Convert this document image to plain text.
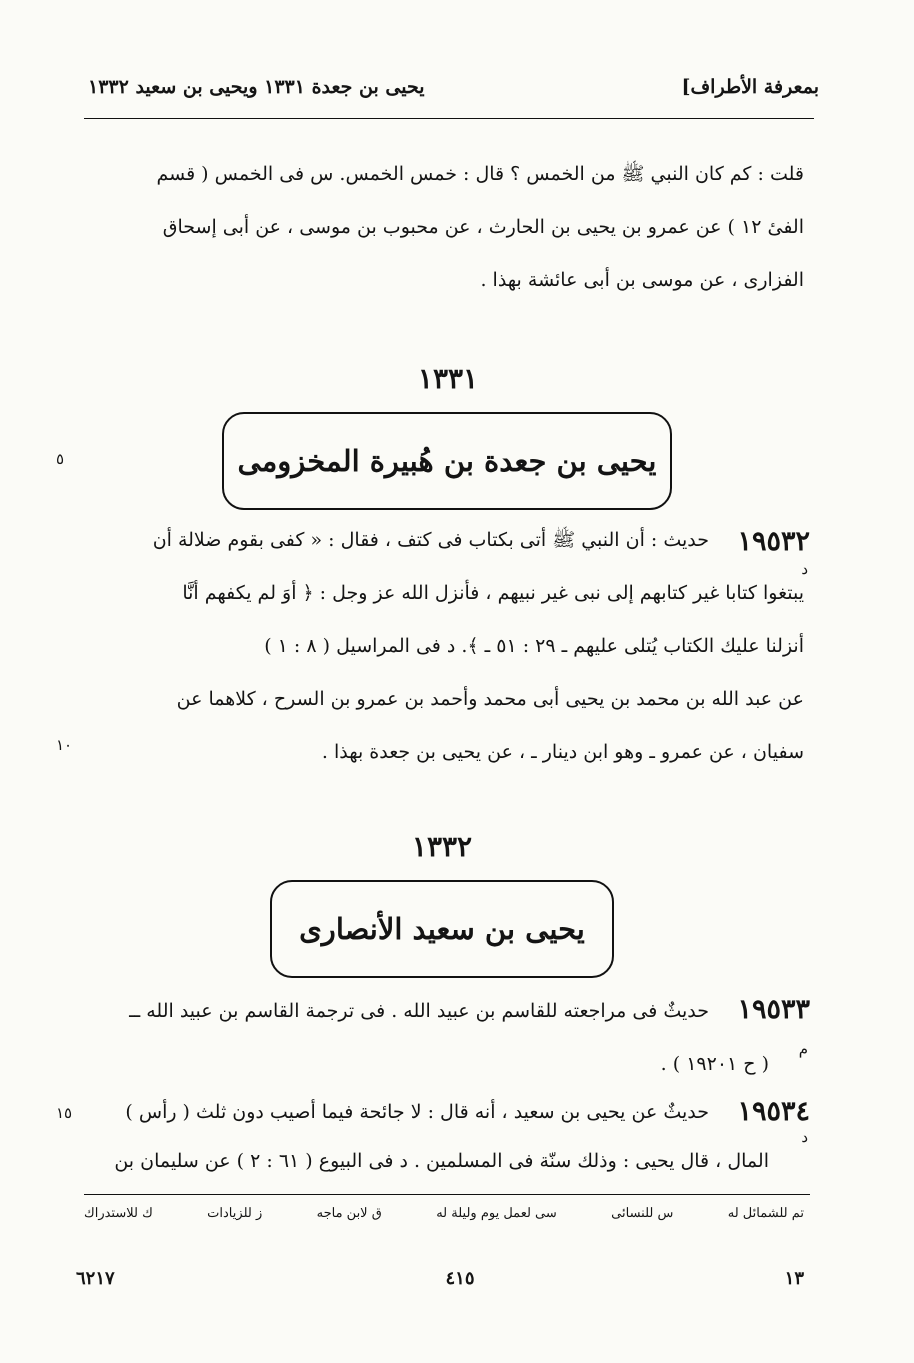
يحيى بن جعدة ١٣٣١ ويحيى بن سعيد ١٣٣٢	بمعرفة الأطراف]

قلت : كم كان النبي ﷺ من الخمس ؟ قال : خمس الخمس. س فى الخمس ( قسم

الفىٔ ١٢ ) عن عمرو بن يحيى بن الحارث ، عن محبوب بن موسى ، عن أبى إسحاق

الفزارى ، عن موسى بن أبى عائشة بهذا .

١٣٣١
يحيى بن جعدة بن هُبيرة المخزومى
٥
١٩٥٣٢
د

حديث : أن النبي ﷺ أتى بكتاب فى كتف ، فقال : « كفى بقوم ضلالة أن

يبتغوا كتابا غير كتابهم إلى نبى غير نبيهم ، فأنزل الله عز وجل : ﴿ أوَ لم يكفهم أنَّا

أنزلنا عليك الكتاب يُتلى عليهم ـ ٢٩ : ٥١ ـ ﴾. د فى المراسيل ( ٨ : ١ )

عن عبد الله بن محمد بن يحيى أبى محمد وأحمد بن عمرو بن السرح ، كلاهما عن

سفيان ، عن عمرو ـ وهو ابن دينار ـ ، عن يحيى بن جعدة بهذا .

١٠
١٣٣٢
يحيى بن سعيد الأنصارى
١٩٥٣٣
م

حديثٌ فى مراجعته للقاسم بن عبيد الله . فى ترجمة القاسم بن عبيد الله ــ

( ح ١٩٢٠١ ) .

١٩٥٣٤
د

حديثٌ عن يحيى بن سعيد ، أنه قال : لا جائحة فيما أصيب دون ثلث ( رأس )

المال ، قال يحيى : وذلك سنّة فى المسلمين . د فى البيوع ( ٦١ : ٢ ) عن سليمان بن

١٥
تم للشمائل له
س للنسائى
سى لعمل يوم وليلة له
ق لابن ماجه
ز للزيادات
ك للاستدراك
٦٢١٧	٤١٥	١٣
